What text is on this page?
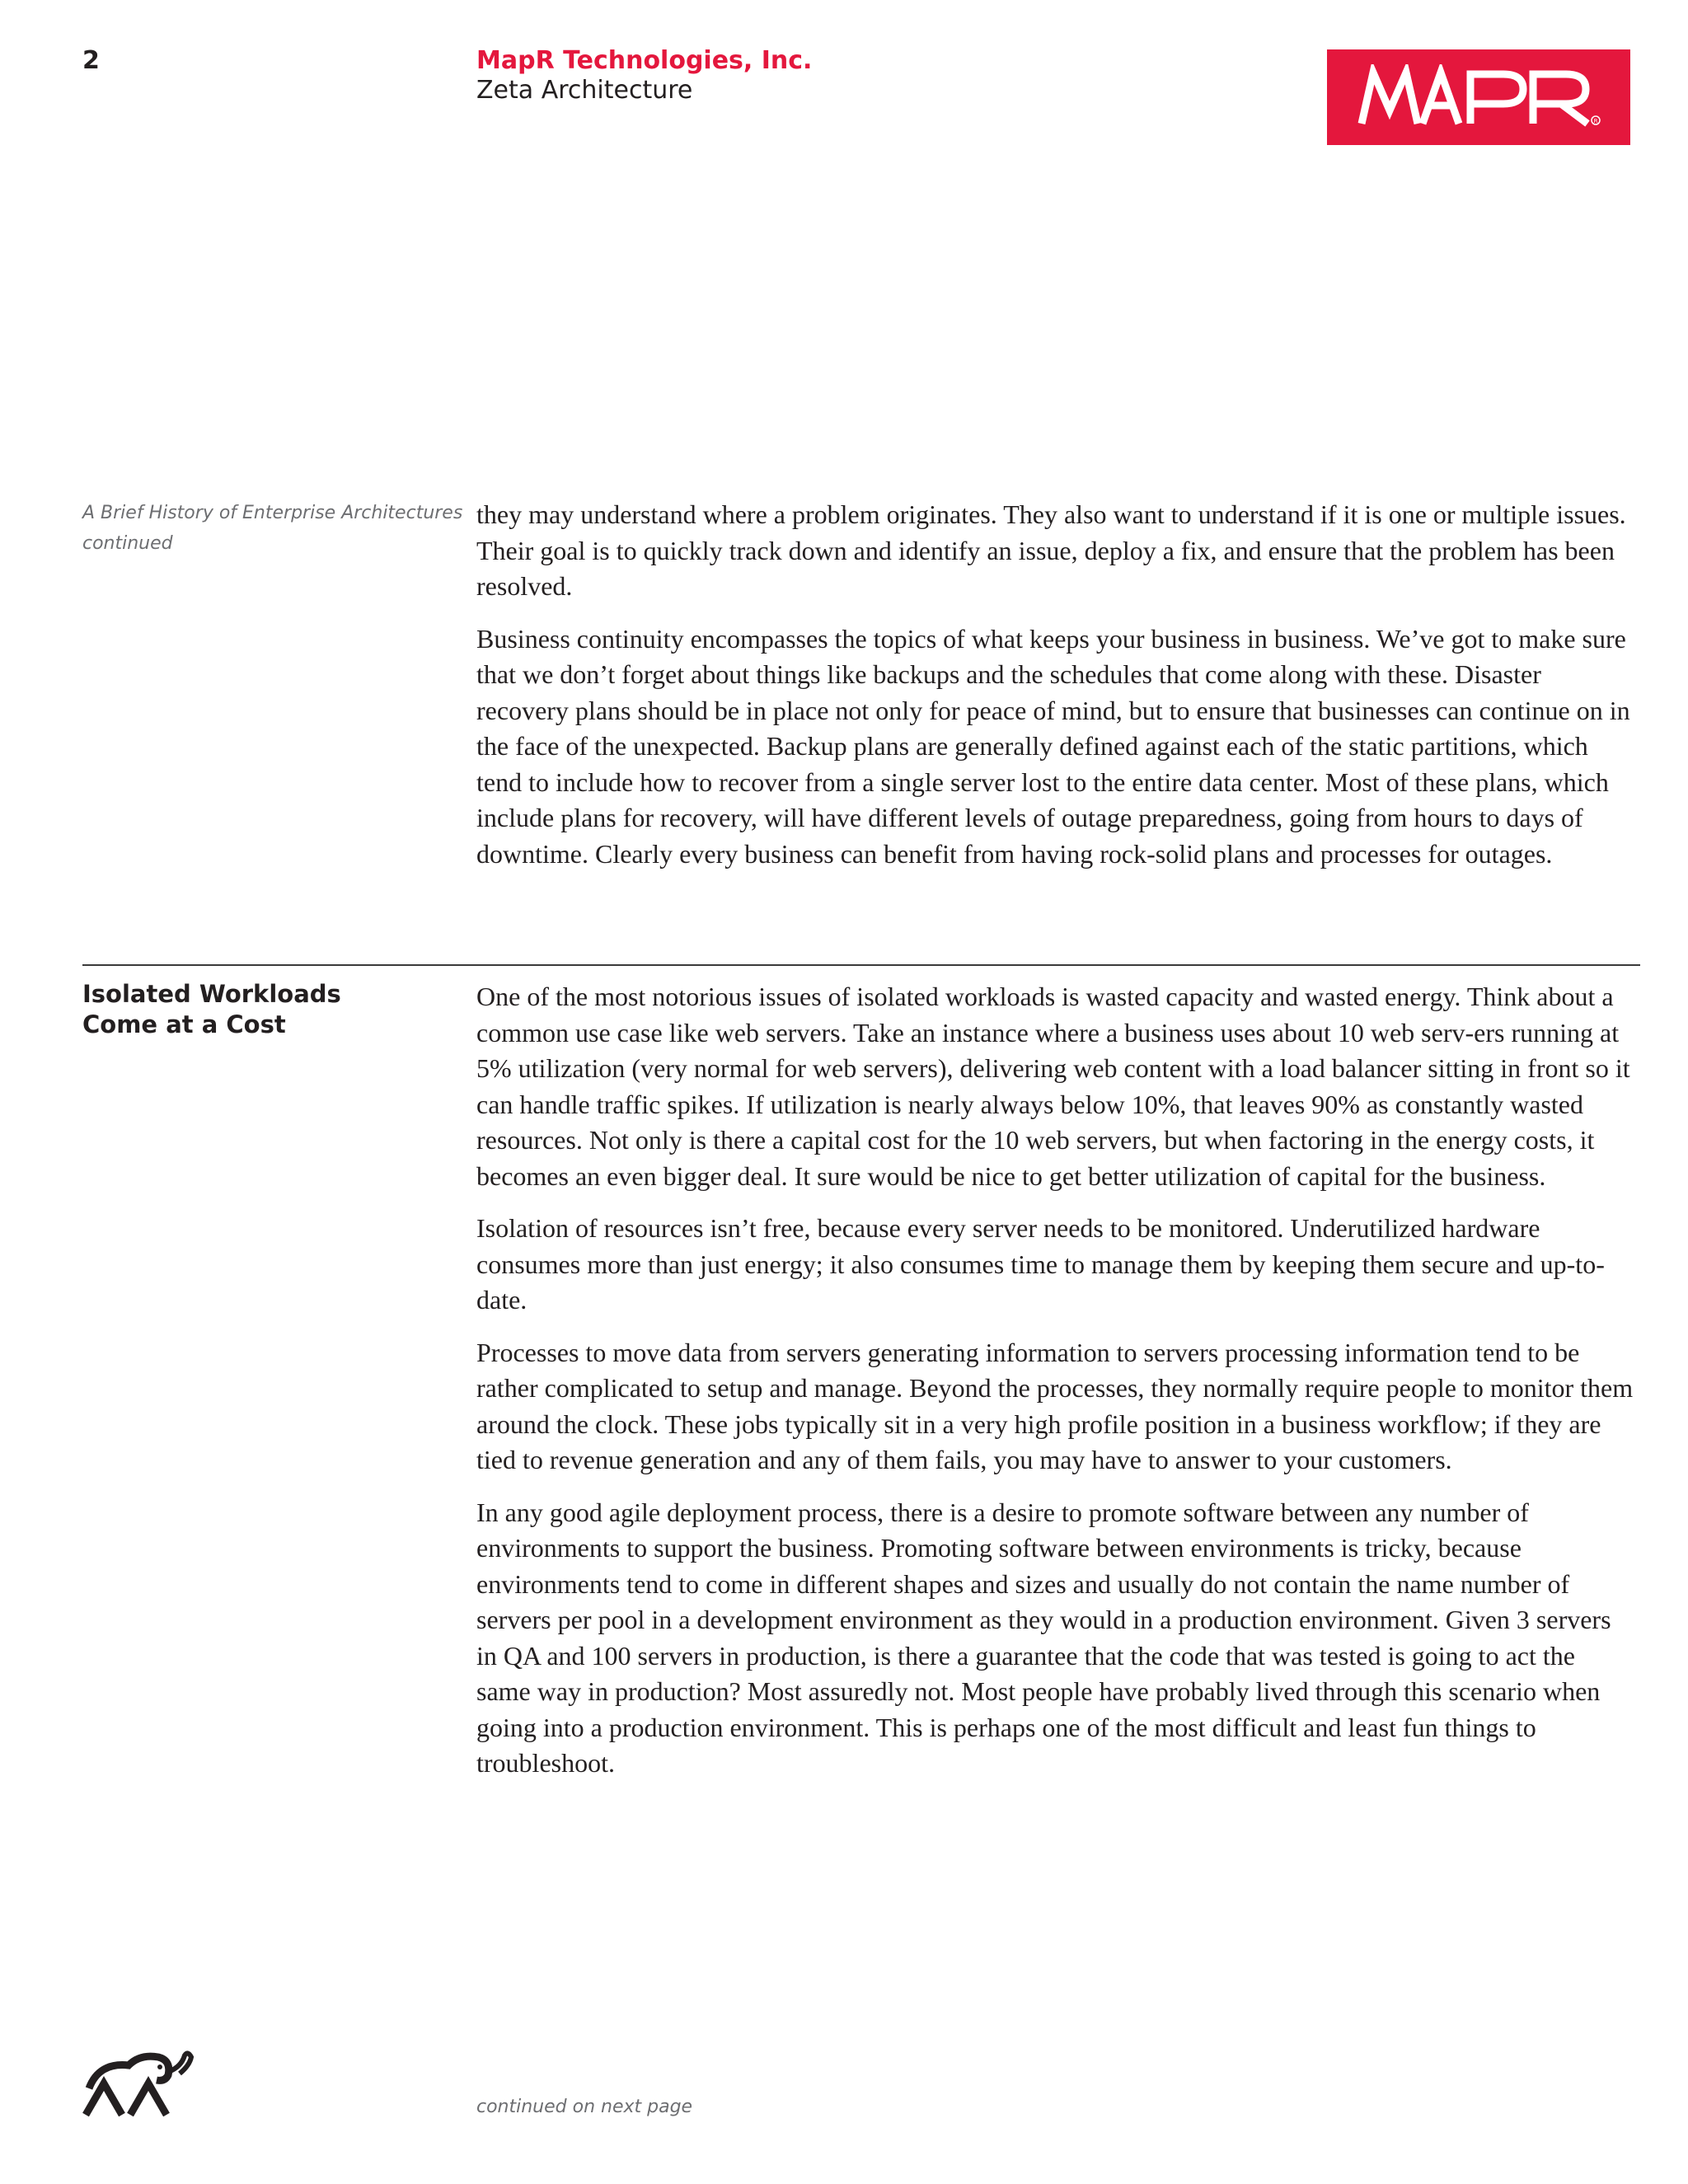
2	MapR Technologies, Inc.
Zeta Architecture
R
A Brief History of Enterprise Architectures
continued

they may understand where a problem originates. They also want to understand if it is one or multiple issues. Their goal is to quickly track down and identify an issue, deploy a fix, and ensure that the problem has been resolved.

Business continuity encompasses the topics of what keeps your business in business. We’ve got to make sure that we don’t forget about things like backups and the schedules that come along with these. Disaster recovery plans should be in place not only for peace of mind, but to ensure that businesses can continue on in the face of the unexpected. Backup plans are generally defined against each of the static partitions, which tend to include how to recover from a single server lost to the entire data center. Most of these plans, which include plans for recovery, will have different levels of outage preparedness, going from hours to days of downtime. Clearly every business can benefit from having rock-solid plans and processes for outages.

Isolated Workloads
Come at a Cost

One of the most notorious issues of isolated workloads is wasted capacity and wasted energy. Think about a common use case like web servers. Take an instance where a business uses about 10 web serv-ers running at 5% utilization (very normal for web servers), delivering web content with a load balancer sitting in front so it can handle traffic spikes. If utilization is nearly always below 10%, that leaves 90% as constantly wasted resources. Not only is there a capital cost for the 10 web servers, but when factoring in the energy costs, it becomes an even bigger deal. It sure would be nice to get better utilization of capital for the business.

Isolation of resources isn’t free, because every server needs to be monitored. Underutilized hardware consumes more than just energy; it also consumes time to manage them by keeping them secure and up-to-date.

Processes to move data from servers generating information to servers processing information tend to be rather complicated to setup and manage. Beyond the processes, they normally require people to monitor them around the clock. These jobs typically sit in a very high profile position in a business workflow; if they are tied to revenue generation and any of them fails, you may have to answer to your customers.

In any good agile deployment process, there is a desire to promote software between any number of environments to support the business. Promoting software between environments is tricky, because environments tend to come in different shapes and sizes and usually do not contain the name number of servers per pool in a development environment as they would in a production environment. Given 3 servers in QA and 100 servers in production, is there a guarantee that the code that was tested is going to act the same way in production? Most assuredly not. Most people have probably lived through this scenario when going into a production environment. This is perhaps one of the most difficult and least fun things to troubleshoot.

continued on next page
